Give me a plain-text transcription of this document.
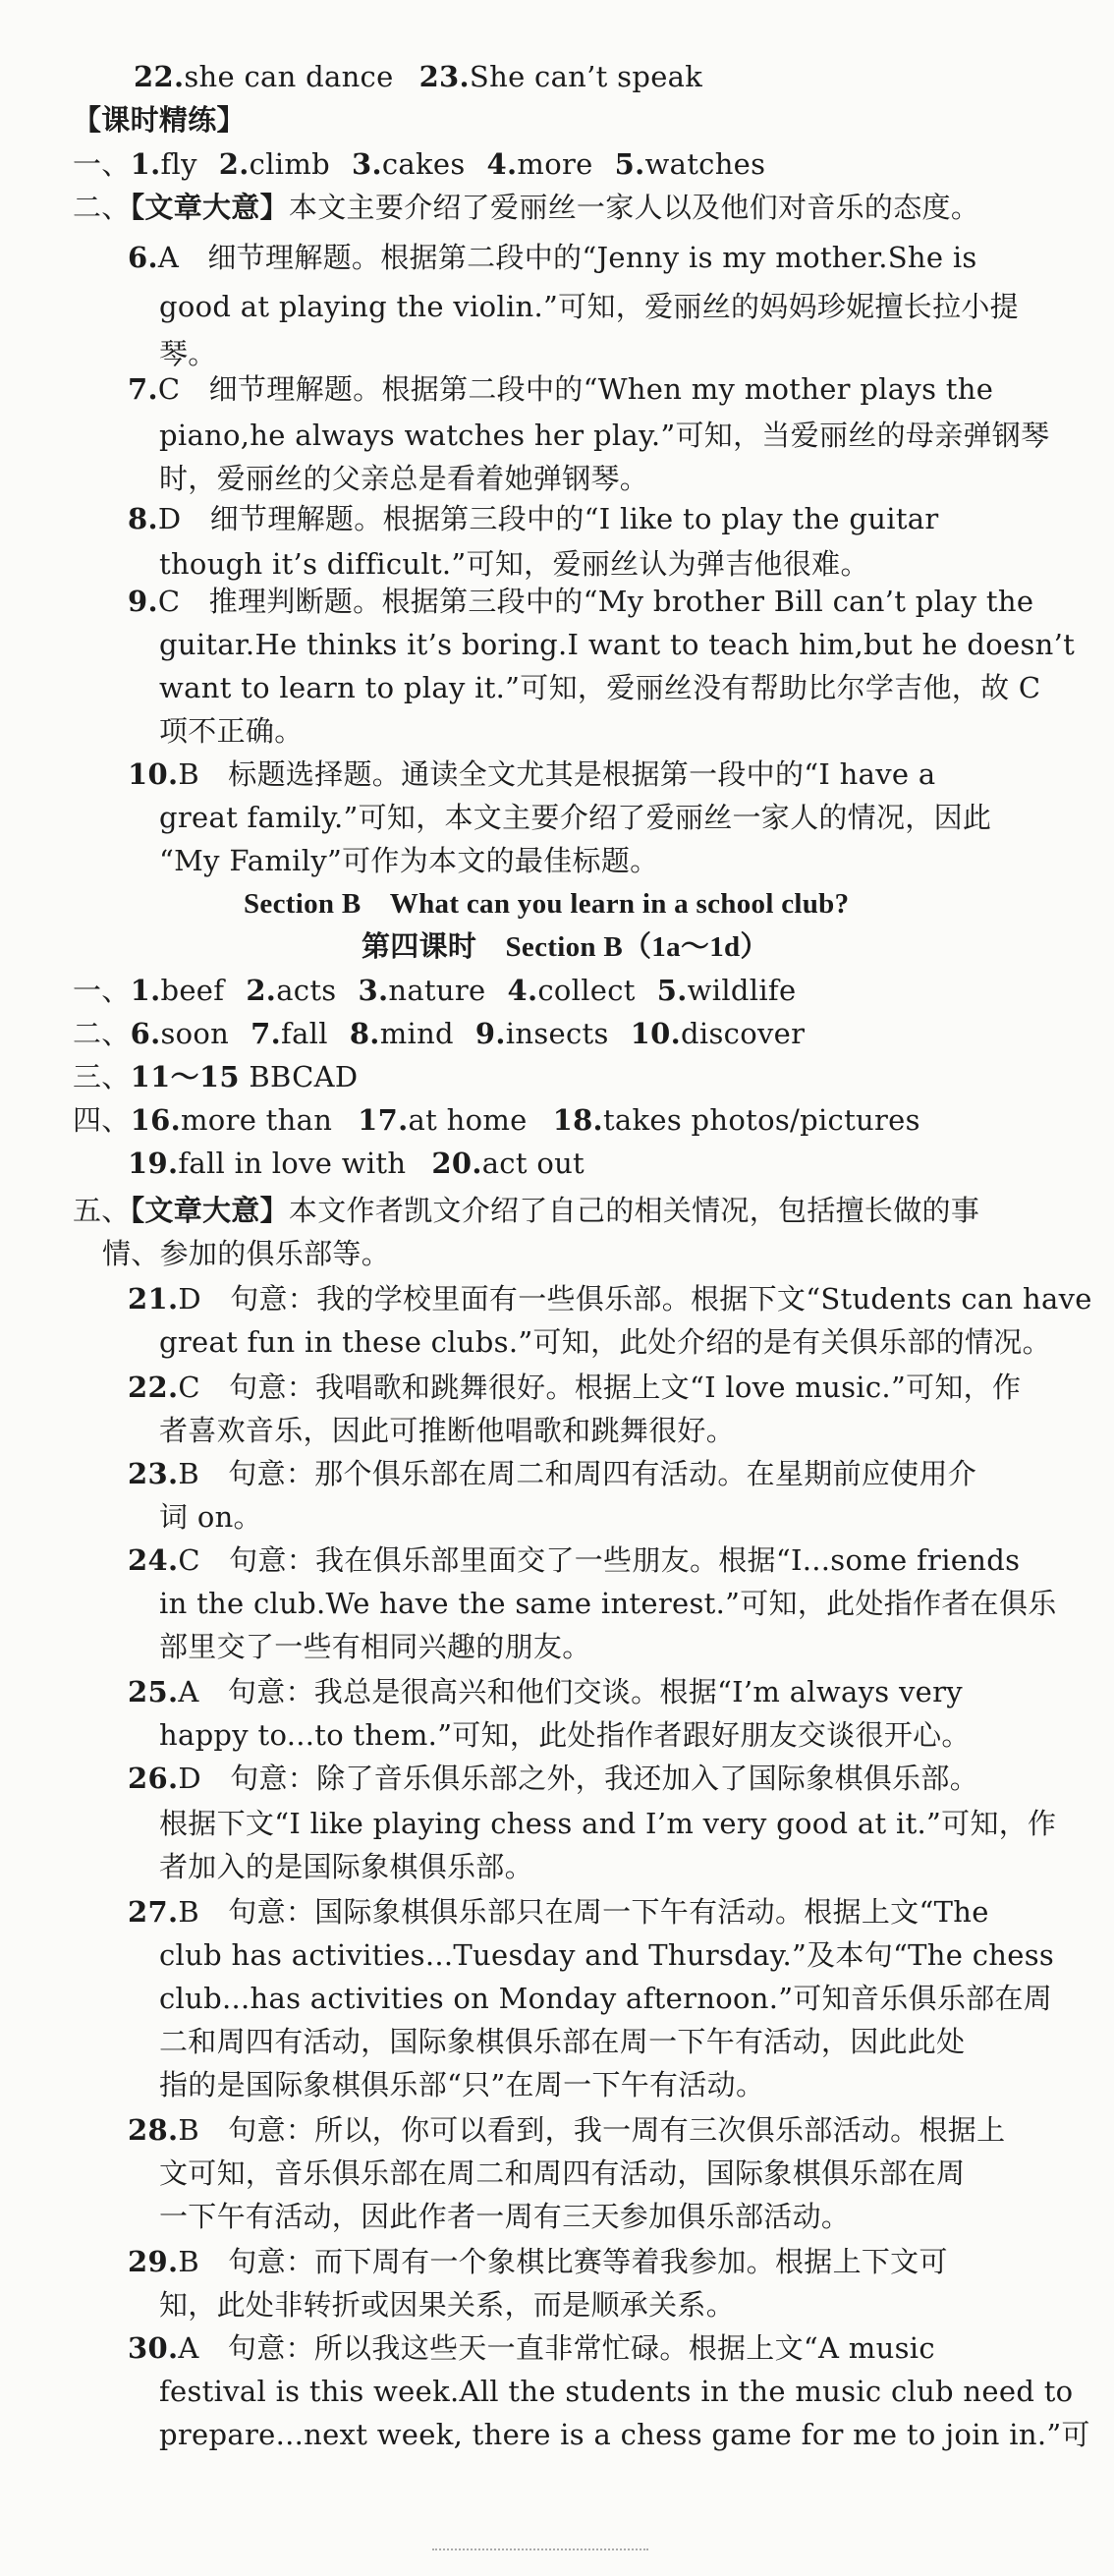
22.she can dance 23.She can’t speak
【课时精练】
一、1.fly 2.climb 3.cakes 4.more 5.watches
二、【文章大意】本文主要介绍了爱丽丝一家人以及他们对音乐的态度。
6.A　细节理解题。根据第二段中的“Jenny is my mother.She is
good at playing the violin.”可知，爱丽丝的妈妈珍妮擅长拉小提
琴。
7.C　细节理解题。根据第二段中的“When my mother plays the
piano,he always watches her play.”可知，当爱丽丝的母亲弹钢琴
时，爱丽丝的父亲总是看着她弹钢琴。
8.D　细节理解题。根据第三段中的“I like to play the guitar
though it’s difficult.”可知，爱丽丝认为弹吉他很难。
9.C　推理判断题。根据第三段中的“My brother Bill can’t play the
guitar.He thinks it’s boring.I want to teach him,but he doesn’t
want to learn to play it.”可知，爱丽丝没有帮助比尔学吉他，故 C
项不正确。
10.B　标题选择题。通读全文尤其是根据第一段中的“I have a
great family.”可知，本文主要介绍了爱丽丝一家人的情况，因此
“My Family”可作为本文的最佳标题。
Section B　What can you learn in a school club?
第四课时　Section B（1a～1d）
一、1.beef 2.acts 3.nature 4.collect 5.wildlife
二、6.soon 7.fall 8.mind 9.insects 10.discover
三、11～15 BBCAD
四、16.more than 17.at home 18.takes photos/pictures
19.fall in love with 20.act out
五、【文章大意】本文作者凯文介绍了自己的相关情况，包括擅长做的事
情、参加的俱乐部等。
21.D　句意：我的学校里面有一些俱乐部。根据下文“Students can have
great fun in these clubs.”可知，此处介绍的是有关俱乐部的情况。
22.C　句意：我唱歌和跳舞很好。根据上文“I love music.”可知，作
者喜欢音乐，因此可推断他唱歌和跳舞很好。
23.B　句意：那个俱乐部在周二和周四有活动。在星期前应使用介
词 on。
24.C　句意：我在俱乐部里面交了一些朋友。根据“I...some friends
in the club.We have the same interest.”可知，此处指作者在俱乐
部里交了一些有相同兴趣的朋友。
25.A　句意：我总是很高兴和他们交谈。根据“I’m always very
happy to...to them.”可知，此处指作者跟好朋友交谈很开心。
26.D　句意：除了音乐俱乐部之外，我还加入了国际象棋俱乐部。
根据下文“I like playing chess and I’m very good at it.”可知，作
者加入的是国际象棋俱乐部。
27.B　句意：国际象棋俱乐部只在周一下午有活动。根据上文“The
club has activities...Tuesday and Thursday.”及本句“The chess
club...has activities on Monday afternoon.”可知音乐俱乐部在周
二和周四有活动，国际象棋俱乐部在周一下午有活动，因此此处
指的是国际象棋俱乐部“只”在周一下午有活动。
28.B　句意：所以，你可以看到，我一周有三次俱乐部活动。根据上
文可知，音乐俱乐部在周二和周四有活动，国际象棋俱乐部在周
一下午有活动，因此作者一周有三天参加俱乐部活动。
29.B　句意：而下周有一个象棋比赛等着我参加。根据上下文可
知，此处非转折或因果关系，而是顺承关系。
30.A　句意：所以我这些天一直非常忙碌。根据上文“A music
festival is this week.All the students in the music club need to
prepare...next week, there is a chess game for me to join in.”可
